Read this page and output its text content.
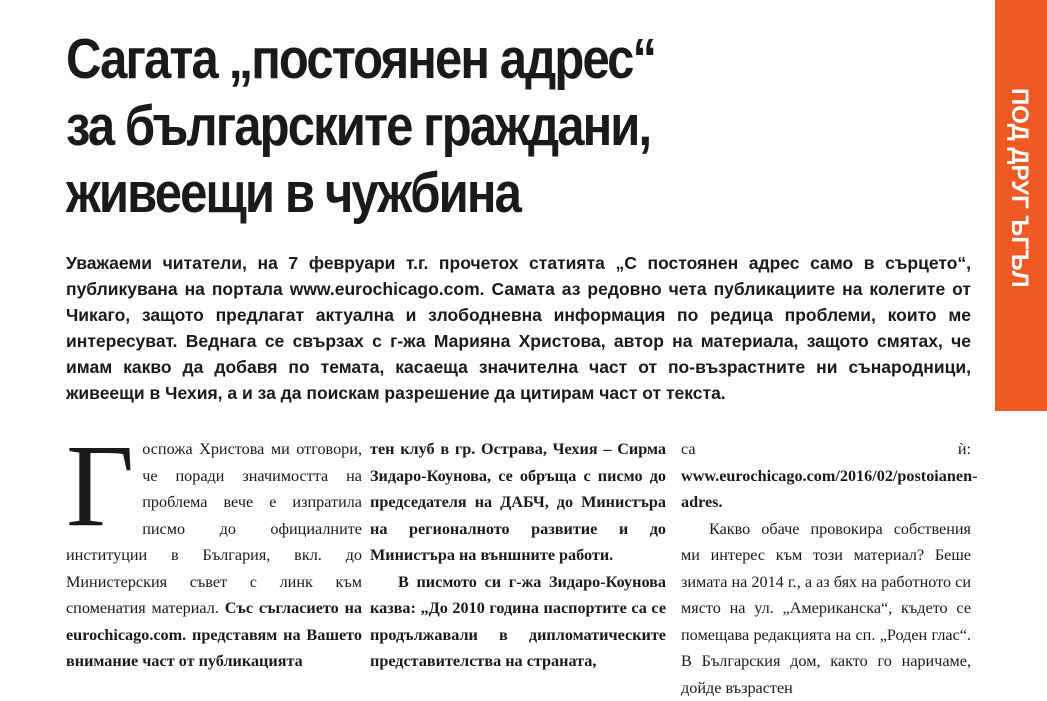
Сагата „постоянен адрес“
за българските граждани,
живеещи в чужбина
Уважаеми читатели, на 7 февруари т.г. прочетох статията „С постоянен адрес само в сърцето“, публикувана на портала www.eurochicago.com. Самата аз редовно чета публикациите на колегите от Чикаго, защото предлагат актуална и злободневна информация по редица проблеми, които ме интересуват. Веднага се свързах с г-жа Марияна Христова, автор на материала, защото смятах, че имам какво да добавя по темата, касаеща значителна част от по-възрастните ни сънародници, живеещи в Чехия, а и за да поискам разрешение да цитирам част от текста.
ПОД ДРУГ ЪГЪЛ

Госпожа Христова ми отговори, че поради значимостта на проблема вече е изпратила писмо до официалните институции в България, вкл. до Министерския съвет с линк към споменатия материал. Със съгласието на eurochicago.com. представям на Вашето внимание част от публикацията

тен клуб в гр. Острава, Чехия – Сирма Зидаро-Коунова, се обръща с писмо до председателя на ДАБЧ, до Министъра на регионалното развитие и до Министъра на външните работи.

В писмото си г-жа Зидаро-Коунова казва: „До 2010 година паспортите са се продължавали в дипломатическите представителства на страната,

са ѝ: www.eurochicago.com/2016/02/postoianen-adres.

Какво обаче провокира собствения ми интерес към този материал? Беше зимата на 2014 г., а аз бях на работното си място на ул. „Американска“, където се помещава редакцията на сп. „Роден глас“. В Българския дом, както го наричаме, дойде възрастен
